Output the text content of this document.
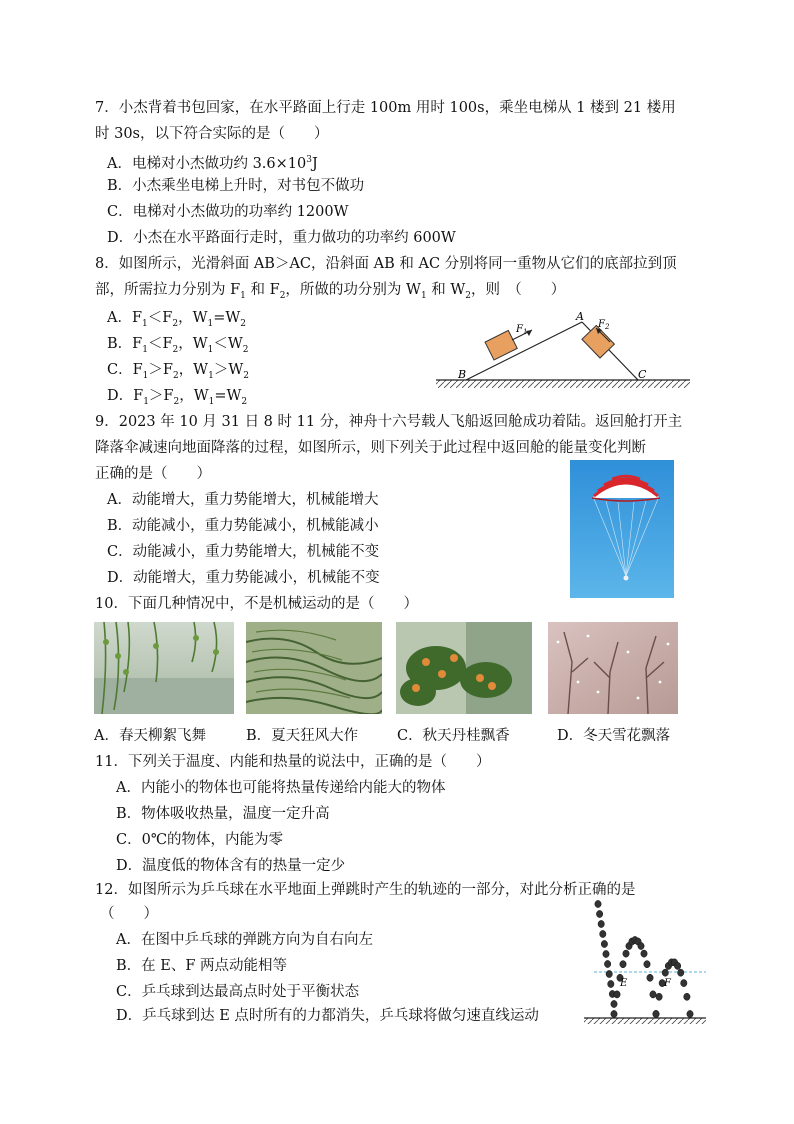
7．小杰背着书包回家，在水平路面上行走 100m 用时 100s，乘坐电梯从 1 楼到 21 楼用
时 30s，以下符合实际的是（　　）
A．电梯对小杰做功约 $3.6\times 10^3J$
B．小杰乘坐电梯上升时，对书包不做功
C．电梯对小杰做功的功率约 1200W
D．小杰在水平路面行走时，重力做功的功率约 600W
8．如图所示，光滑斜面 AB＞AC，沿斜面 AB 和 AC 分别将同一重物从它们的底部拉到顶
部，所需拉力分别为 $F_1$ 和 $F_2$，所做的功分别为 $W_1$ 和 $W_2$，则　（　　）
A．$F_1<F_2$，$W_1=W_2$
B．$F_1<F_2$，$W_1<W_2$
C．$F_1>F_2$，$W_1>W_2$
D．$F_1>F_2$，$W_1=W_2$
A
B	C
$F_1$
$F_2$
9．2023 年 10 月 31 日 8 时 11 分，神舟十六号载人飞船返回舱成功着陆。返回舱打开主
降落伞减速向地面降落的过程，如图所示，则下列关于此过程中返回舱的能量变化判断
正确的是（　　）
A．动能增大，重力势能增大，机械能增大
B．动能减小，重力势能减小，机械能减小
C．动能减小，重力势能增大，机械能不变
D．动能增大，重力势能减小，机械能不变
10．下面几种情况中，不是机械运动的是（　　）
A．春天柳絮飞舞	B．夏天狂风大作	C．秋天丹桂飘香	D．冬天雪花飘落
11．下列关于温度、内能和热量的说法中，正确的是（　　）
A．内能小的物体也可能将热量传递给内能大的物体
B．物体吸收热量，温度一定升高
C．0℃的物体，内能为零
D．温度低的物体含有的热量一定少
12．如图所示为乒乓球在水平地面上弹跳时产生的轨迹的一部分，对此分析正确的是
（　　）
A．在图中乒乓球的弹跳方向为自右向左
B．在 E、F 两点动能相等
C．乒乓球到达最高点时处于平衡状态
D．乒乓球到达 E 点时所有的力都消失，乒乓球将做匀速直线运动
E	F
